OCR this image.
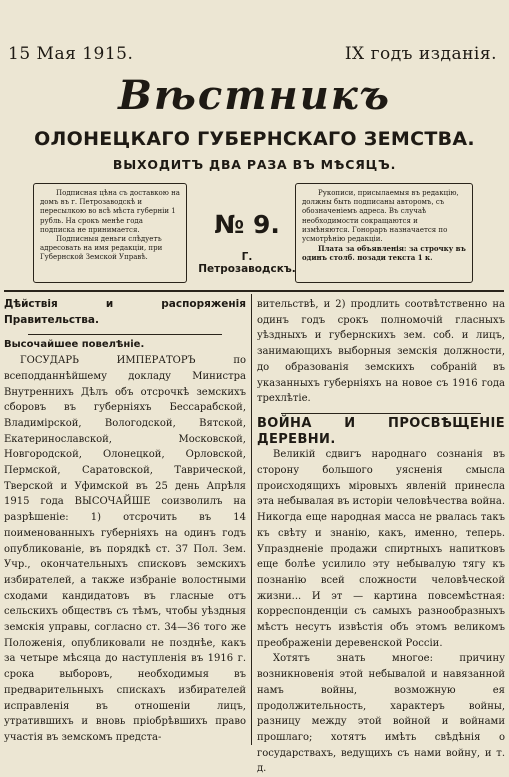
15 Мая 1915.	IX годъ изданія.
Вѣстникъ
ОЛОНЕЦКАГО ГУБЕРНСКАГО ЗЕМСТВА.
ВЫХОДИТЪ ДВА РАЗА ВЪ МѢСЯЦЪ.

Подписная цѣна съ доставкою на домъ въ г. Петрозаводскѣ и пересылкою во всѣ мѣста губерніи 1 рубль. На срокъ менѣе года подписка не принимается.

Подписныя деньги слѣдуетъ адресовать на имя редакціи, при Губернской Земской Управѣ.

№ 9.
Г. Петрозаводскъ.

Рукописи, присылаемыя въ редакцію, должны быть подписаны авторомъ, съ обозначеніемъ адреса. Въ случаѣ необходимости сокращаются и измѣняются. Гонораръ назначается по усмотрѣнію редакціи.

Плата за объявленія: за строчку въ одинъ столб. позади текста 1 к.

Дѣйствія и распоряженія Правительства.

Высочайшее повелѣніе.

ГОСУДАРЬ ИМПЕРАТОРЪ по всеподданнѣйшему докладу Министра Внутреннихъ Дѣлъ объ отсрочкѣ земскихъ сборовъ въ губерніяхъ Бессарабской, Владимірской, Вологодской, Вятской, Екатеринославской, Московской, Новгородской, Олонецкой, Орловской, Пермской, Саратовской, Таврической, Тверской и Уфимской въ 25 день Апрѣля 1915 года ВЫСОЧАЙШЕ соизволилъ на разрѣшеніе: 1) отсрочить въ 14 поименованныхъ губерніяхъ на одинъ годъ опубликованіе, въ порядкѣ ст. 37 Пол. Зем. Учр., окончательныхъ списковъ земскихъ избирателей, а также избраніе волостными сходами кандидатовъ въ гласные отъ сельскихъ обществъ съ тѣмъ, чтобы уѣздныя земскія управы, согласно ст. 34—36 того же Положенія, опубликовали не позднѣе, какъ за четыре мѣсяца до наступленія въ 1916 г. срока выборовъ, необходимыя въ предварительныхъ спискахъ избирателей исправленія въ отношеніи лицъ, утратившихъ и вновь пріобрѣвшихъ право участія въ земскомъ предста-

вительствѣ, и 2) продлить соотвѣтственно на одинъ годъ срокъ полномочій гласныхъ уѣздныхъ и губернскихъ зем. соб. и лицъ, занимающихъ выборныя земскія должности, до образованія земскихъ собраній въ указанныхъ губерніяхъ на новое съ 1916 года трехлѣтіе.

ВОЙНА И ПРОСВѢЩЕНІЕ ДЕРЕВНИ.

Великій сдвигъ народнаго сознанія въ сторону большого уясненія смысла происходящихъ міровыхъ явленій принесла эта небывалая въ исторіи человѣчества война. Никогда еще народная масса не рвалась такъ къ свѣту и знанію, какъ, именно, теперь. Упраздненіе продажи спиртныхъ напитковъ еще болѣе усилило эту небывалую тягу къ познанію всей сложности человѣческой жизни... И эт — картина повсемѣстная: корреспонденціи съ самыхъ разнообразныхъ мѣстъ несутъ извѣстія объ этомъ великомъ преображеніи деревенской Россіи.

Хотятъ знать многое: причину возникновенія этой небывалой и навязанной намъ войны, возможную ея продолжительность, характеръ войны, разницу между этой войной и войнами прошлаго; хотятъ имѣть свѣдѣнія о государствахъ, ведущихъ съ нами войну, и т. д.
